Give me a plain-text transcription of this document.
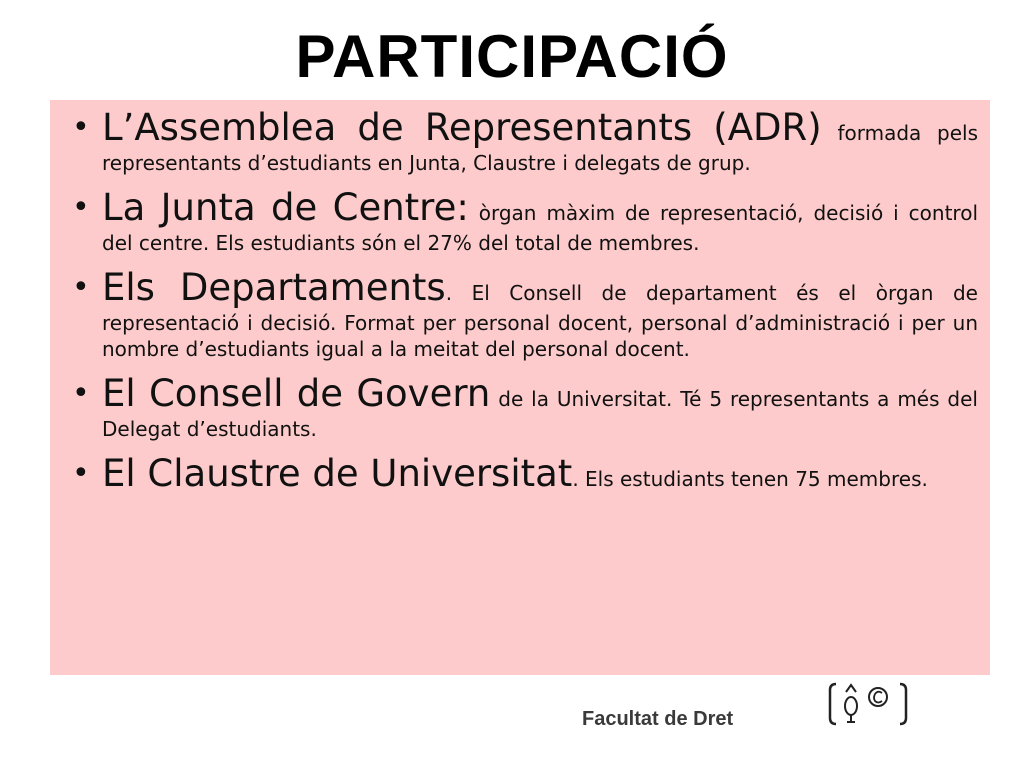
PARTICIPACIÓ
• L’Assemblea de Representants (ADR) formada pels representants d’estudiants en Junta, Claustre i delegats de grup.
• La Junta de Centre: òrgan màxim de representació, decisió i control del centre. Els estudiants són el 27% del total de membres.
• Els Departaments. El Consell de departament és el òrgan de representació i decisió. Format per personal docent, personal d’administració i per un nombre d’estudiants igual a la meitat del personal docent.
• El Consell de Govern de la Universitat. Té 5 representants a més del Delegat d’estudiants.
• El Claustre de Universitat. Els estudiants tenen 75 membres.
Facultat de Dret
